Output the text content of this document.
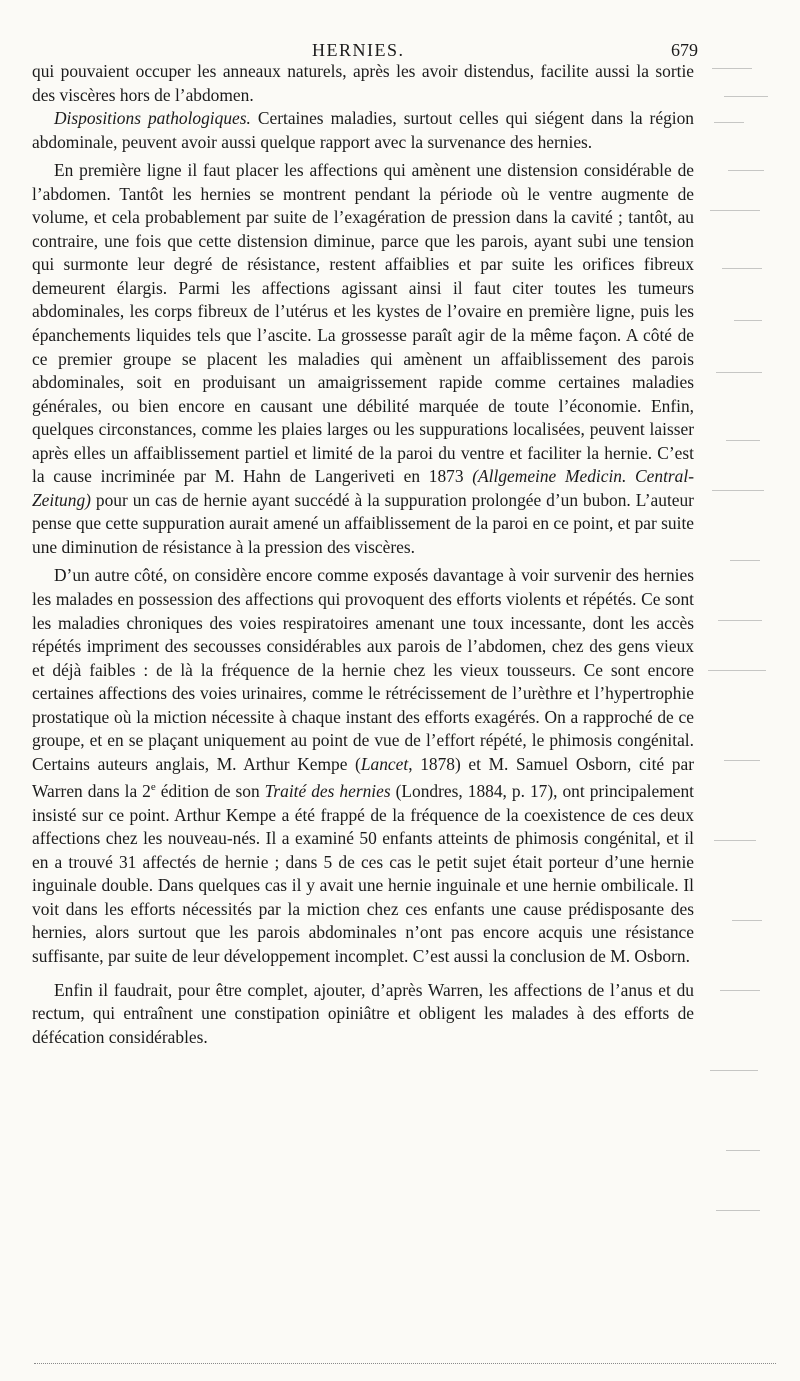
HERNIES.	679

qui pouvaient occuper les anneaux naturels, après les avoir distendus, facilite aussi la sortie des viscères hors de l’abdomen.

Dispositions pathologiques. Certaines maladies, surtout celles qui siégent dans la région abdominale, peuvent avoir aussi quelque rapport avec la survenance des hernies.

En première ligne il faut placer les affections qui amènent une distension considérable de l’abdomen. Tantôt les hernies se montrent pendant la période où le ventre augmente de volume, et cela probablement par suite de l’exagération de pression dans la cavité ; tantôt, au contraire, une fois que cette distension diminue, parce que les parois, ayant subi une tension qui surmonte leur degré de résistance, restent affaiblies et par suite les orifices fibreux demeurent élargis. Parmi les affections agissant ainsi il faut citer toutes les tumeurs abdominales, les corps fibreux de l’utérus et les kystes de l’ovaire en première ligne, puis les épanchements liquides tels que l’ascite. La grossesse paraît agir de la même façon. A côté de ce premier groupe se placent les maladies qui amènent un affaiblissement des parois abdominales, soit en produisant un amaigrissement rapide comme certaines maladies générales, ou bien encore en causant une débilité marquée de toute l’économie. Enfin, quelques circonstances, comme les plaies larges ou les suppurations localisées, peuvent laisser après elles un affaiblissement partiel et limité de la paroi du ventre et faciliter la hernie. C’est la cause incriminée par M. Hahn de Langeriveti en 1873 (Allgemeine Medicin. Central-Zeitung) pour un cas de hernie ayant succédé à la suppuration prolongée d’un bubon. L’auteur pense que cette suppuration aurait amené un affaiblissement de la paroi en ce point, et par suite une diminution de résistance à la pression des viscères.

D’un autre côté, on considère encore comme exposés davantage à voir survenir des hernies les malades en possession des affections qui provoquent des efforts violents et répétés. Ce sont les maladies chroniques des voies respiratoires amenant une toux incessante, dont les accès répétés impriment des secousses considérables aux parois de l’abdomen, chez des gens vieux et déjà faibles : de là la fréquence de la hernie chez les vieux tousseurs. Ce sont encore certaines affections des voies urinaires, comme le rétrécissement de l’urèthre et l’hypertrophie prostatique où la miction nécessite à chaque instant des efforts exagérés. On a rapproché de ce groupe, et en se plaçant uniquement au point de vue de l’effort répété, le phimosis congénital. Certains auteurs anglais, M. Arthur Kempe (Lancet, 1878) et M. Samuel Osborn, cité par Warren dans la 2e édition de son Traité des hernies (Londres, 1884, p. 17), ont principalement insisté sur ce point. Arthur Kempe a été frappé de la fréquence de la coexistence de ces deux affections chez les nouveau-nés. Il a examiné 50 enfants atteints de phimosis congénital, et il en a trouvé 31 affectés de hernie ; dans 5 de ces cas le petit sujet était porteur d’une hernie inguinale double. Dans quelques cas il y avait une hernie inguinale et une hernie ombilicale. Il voit dans les efforts nécessités par la miction chez ces enfants une cause prédisposante des hernies, alors surtout que les parois abdominales n’ont pas encore acquis une résistance suffisante, par suite de leur développement incomplet. C’est aussi la conclusion de M. Osborn.

Enfin il faudrait, pour être complet, ajouter, d’après Warren, les affections de l’anus et du rectum, qui entraînent une constipation opiniâtre et obligent les malades à des efforts de défécation considérables.
